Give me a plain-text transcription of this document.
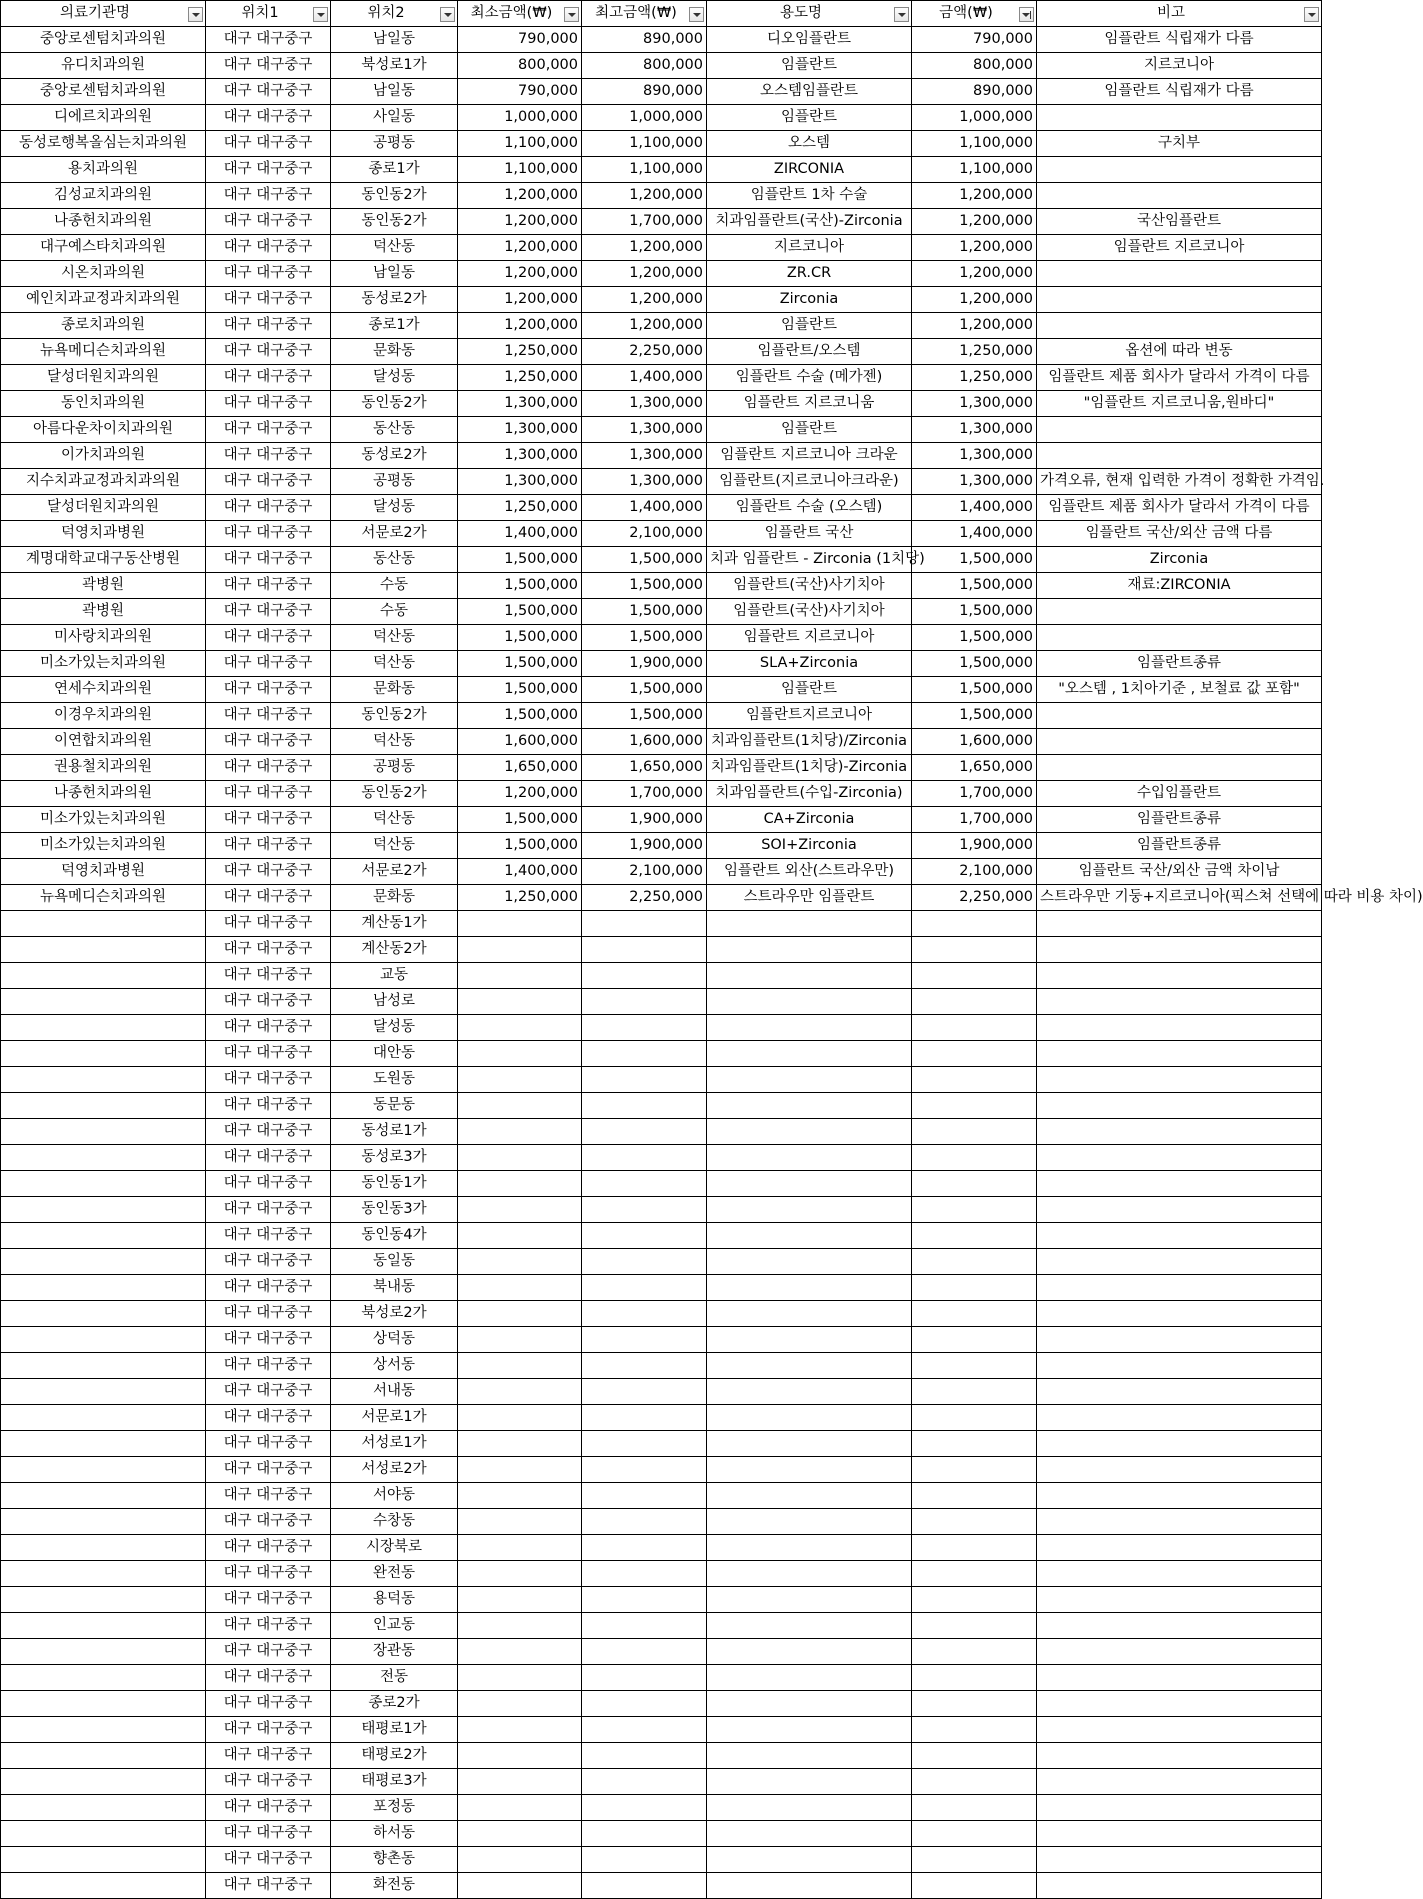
의료기관명	위치1	위치2	최소금액(₩)	최고금액(₩)	용도명	금액(₩)	비고

중앙로센텀치과의원	대구 대구중구	남일동	790,000	890,000	디오임플란트	790,000	임플란트 식립재가 다름
유디치과의원	대구 대구중구	북성로1가	800,000	800,000	임플란트	800,000	지르코니아
중앙로센텀치과의원	대구 대구중구	남일동	790,000	890,000	오스템임플란트	890,000	임플란트 식립재가 다름
디에르치과의원	대구 대구중구	사일동	1,000,000	1,000,000	임플란트	1,000,000	
동성로행복올심는치과의원	대구 대구중구	공평동	1,100,000	1,100,000	오스템	1,100,000	구치부
용치과의원	대구 대구중구	종로1가	1,100,000	1,100,000	ZIRCONIA	1,100,000	
김성교치과의원	대구 대구중구	동인동2가	1,200,000	1,200,000	임플란트 1차 수술	1,200,000	
나종헌치과의원	대구 대구중구	동인동2가	1,200,000	1,700,000	치과임플란트(국산)-Zirconia	1,200,000	국산임플란트
대구예스타치과의원	대구 대구중구	덕산동	1,200,000	1,200,000	지르코니아	1,200,000	임플란트 지르코니아
시온치과의원	대구 대구중구	남일동	1,200,000	1,200,000	ZR.CR	1,200,000	
예인치과교정과치과의원	대구 대구중구	동성로2가	1,200,000	1,200,000	Zirconia	1,200,000	
종로치과의원	대구 대구중구	종로1가	1,200,000	1,200,000	임플란트	1,200,000	
뉴욕메디슨치과의원	대구 대구중구	문화동	1,250,000	2,250,000	임플란트/오스템	1,250,000	옵션에 따라 변동
달성더원치과의원	대구 대구중구	달성동	1,250,000	1,400,000	임플란트 수술 (메가젠)	1,250,000	임플란트 제품 회사가 달라서 가격이 다름
동인치과의원	대구 대구중구	동인동2가	1,300,000	1,300,000	임플란트 지르코니움	1,300,000	"임플란트 지르코니움,원바디"
아름다운차이치과의원	대구 대구중구	동산동	1,300,000	1,300,000	임플란트	1,300,000	
이가치과의원	대구 대구중구	동성로2가	1,300,000	1,300,000	임플란트 지르코니아 크라운	1,300,000	
지수치과교정과치과의원	대구 대구중구	공평동	1,300,000	1,300,000	임플란트(지르코니아크라운)	1,300,000	가격오류, 현재 입력한 가격이 정확한 가격임.
달성더원치과의원	대구 대구중구	달성동	1,250,000	1,400,000	임플란트 수술 (오스템)	1,400,000	임플란트 제품 회사가 달라서 가격이 다름
덕영치과병원	대구 대구중구	서문로2가	1,400,000	2,100,000	임플란트 국산	1,400,000	임플란트 국산/외산 금액 다름
계명대학교대구동산병원	대구 대구중구	동산동	1,500,000	1,500,000	치과 임플란트 - Zirconia (1치당)	1,500,000	Zirconia
곽병원	대구 대구중구	수동	1,500,000	1,500,000	임플란트(국산)사기치아	1,500,000	재료:ZIRCONIA
곽병원	대구 대구중구	수동	1,500,000	1,500,000	임플란트(국산)사기치아	1,500,000	
미사랑치과의원	대구 대구중구	덕산동	1,500,000	1,500,000	임플란트 지르코니아	1,500,000	
미소가있는치과의원	대구 대구중구	덕산동	1,500,000	1,900,000	SLA+Zirconia	1,500,000	임플란트종류
연세수치과의원	대구 대구중구	문화동	1,500,000	1,500,000	임플란트	1,500,000	"오스템 , 1치아기준 , 보철료 값 포함"
이경우치과의원	대구 대구중구	동인동2가	1,500,000	1,500,000	임플란트지르코니아	1,500,000	
이연합치과의원	대구 대구중구	덕산동	1,600,000	1,600,000	치과임플란트(1치당)/Zirconia	1,600,000	
권용철치과의원	대구 대구중구	공평동	1,650,000	1,650,000	치과임플란트(1치당)-Zirconia	1,650,000	
나종헌치과의원	대구 대구중구	동인동2가	1,200,000	1,700,000	치과임플란트(수입-Zirconia)	1,700,000	수입임플란트
미소가있는치과의원	대구 대구중구	덕산동	1,500,000	1,900,000	CA+Zirconia	1,700,000	임플란트종류
미소가있는치과의원	대구 대구중구	덕산동	1,500,000	1,900,000	SOI+Zirconia	1,900,000	임플란트종류
덕영치과병원	대구 대구중구	서문로2가	1,400,000	2,100,000	임플란트 외산(스트라우만)	2,100,000	임플란트 국산/외산 금액 차이남
뉴욕메디슨치과의원	대구 대구중구	문화동	1,250,000	2,250,000	스트라우만 임플란트	2,250,000	스트라우만 기둥+지르코니아(픽스쳐 선택에 따라 비용 차이)
	대구 대구중구	계산동1가					
	대구 대구중구	계산동2가					
	대구 대구중구	교동					
	대구 대구중구	남성로					
	대구 대구중구	달성동					
	대구 대구중구	대안동					
	대구 대구중구	도원동					
	대구 대구중구	동문동					
	대구 대구중구	동성로1가					
	대구 대구중구	동성로3가					
	대구 대구중구	동인동1가					
	대구 대구중구	동인동3가					
	대구 대구중구	동인동4가					
	대구 대구중구	동일동					
	대구 대구중구	북내동					
	대구 대구중구	북성로2가					
	대구 대구중구	상덕동					
	대구 대구중구	상서동					
	대구 대구중구	서내동					
	대구 대구중구	서문로1가					
	대구 대구중구	서성로1가					
	대구 대구중구	서성로2가					
	대구 대구중구	서야동					
	대구 대구중구	수창동					
	대구 대구중구	시장북로					
	대구 대구중구	완전동					
	대구 대구중구	용덕동					
	대구 대구중구	인교동					
	대구 대구중구	장관동					
	대구 대구중구	전동					
	대구 대구중구	종로2가					
	대구 대구중구	태평로1가					
	대구 대구중구	태평로2가					
	대구 대구중구	태평로3가					
	대구 대구중구	포정동					
	대구 대구중구	하서동					
	대구 대구중구	향촌동					
	대구 대구중구	화전동					
